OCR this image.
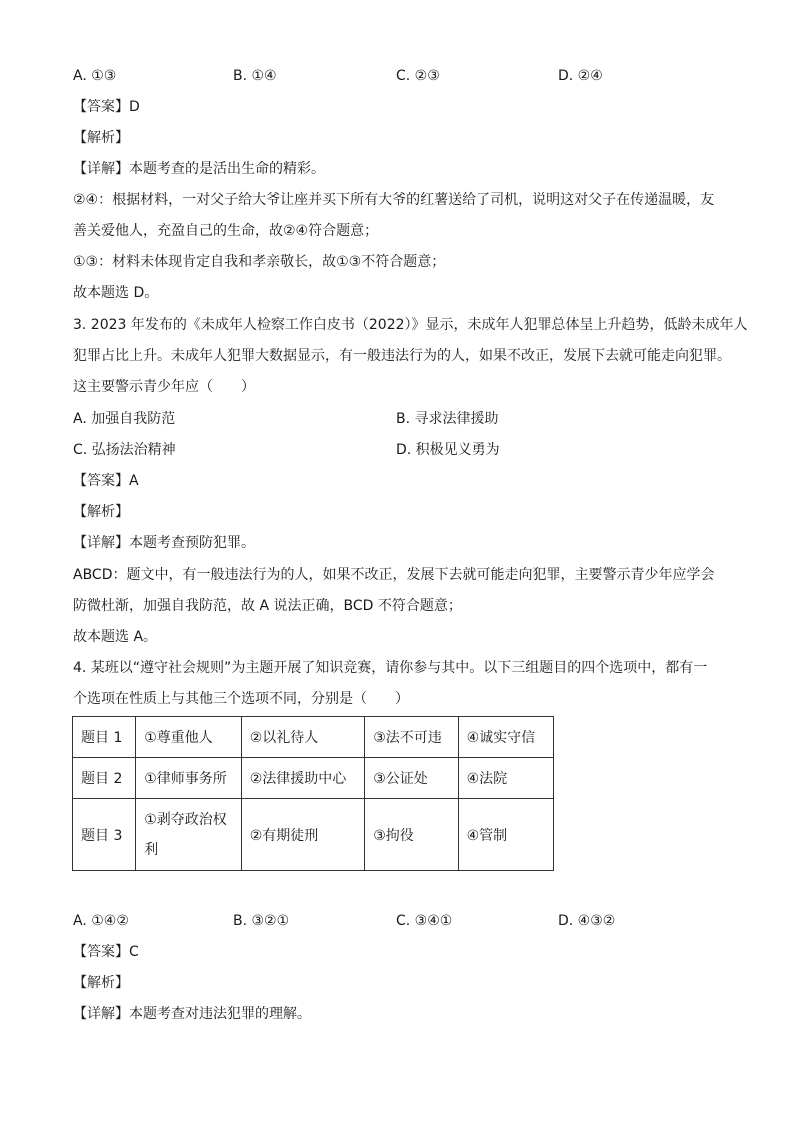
A. ①③	B. ①④	C. ②③	D. ②④
【答案】D
【解析】
【详解】本题考查的是活出生命的精彩。
②④：根据材料，一对父子给大爷让座并买下所有大爷的红薯送给了司机，说明这对父子在传递温暖，友
善关爱他人，充盈自己的生命，故②④符合题意；
①③：材料未体现肯定自我和孝亲敬长，故①③不符合题意；
故本题选 D。
3. 2023 年发布的《未成年人检察工作白皮书（2022）》显示，未成年人犯罪总体呈上升趋势，低龄未成年人
犯罪占比上升。未成年人犯罪大数据显示，有一般违法行为的人，如果不改正，发展下去就可能走向犯罪。
这主要警示青少年应（　　）
A. 加强自我防范	B. 寻求法律援助
C. 弘扬法治精神	D. 积极见义勇为
【答案】A
【解析】
【详解】本题考查预防犯罪。
ABCD：题文中，有一般违法行为的人，如果不改正，发展下去就可能走向犯罪，主要警示青少年应学会
防微杜渐，加强自我防范，故 A 说法正确，BCD 不符合题意；
故本题选 A。
4. 某班以“遵守社会规则”为主题开展了知识竞赛，请你参与其中。以下三组题目的四个选项中，都有一
个选项在性质上与其他三个选项不同，分别是（　　）
题目 1	①尊重他人	②以礼待人	③法不可违	④诚实守信
题目 2	①律师事务所	②法律援助中心	③公证处	④法院
题目 3	①剥夺政治权利	②有期徒刑	③拘役	④管制
A. ①④②	B. ③②①	C. ③④①	D. ④③②
【答案】C
【解析】
【详解】本题考查对违法犯罪的理解。
